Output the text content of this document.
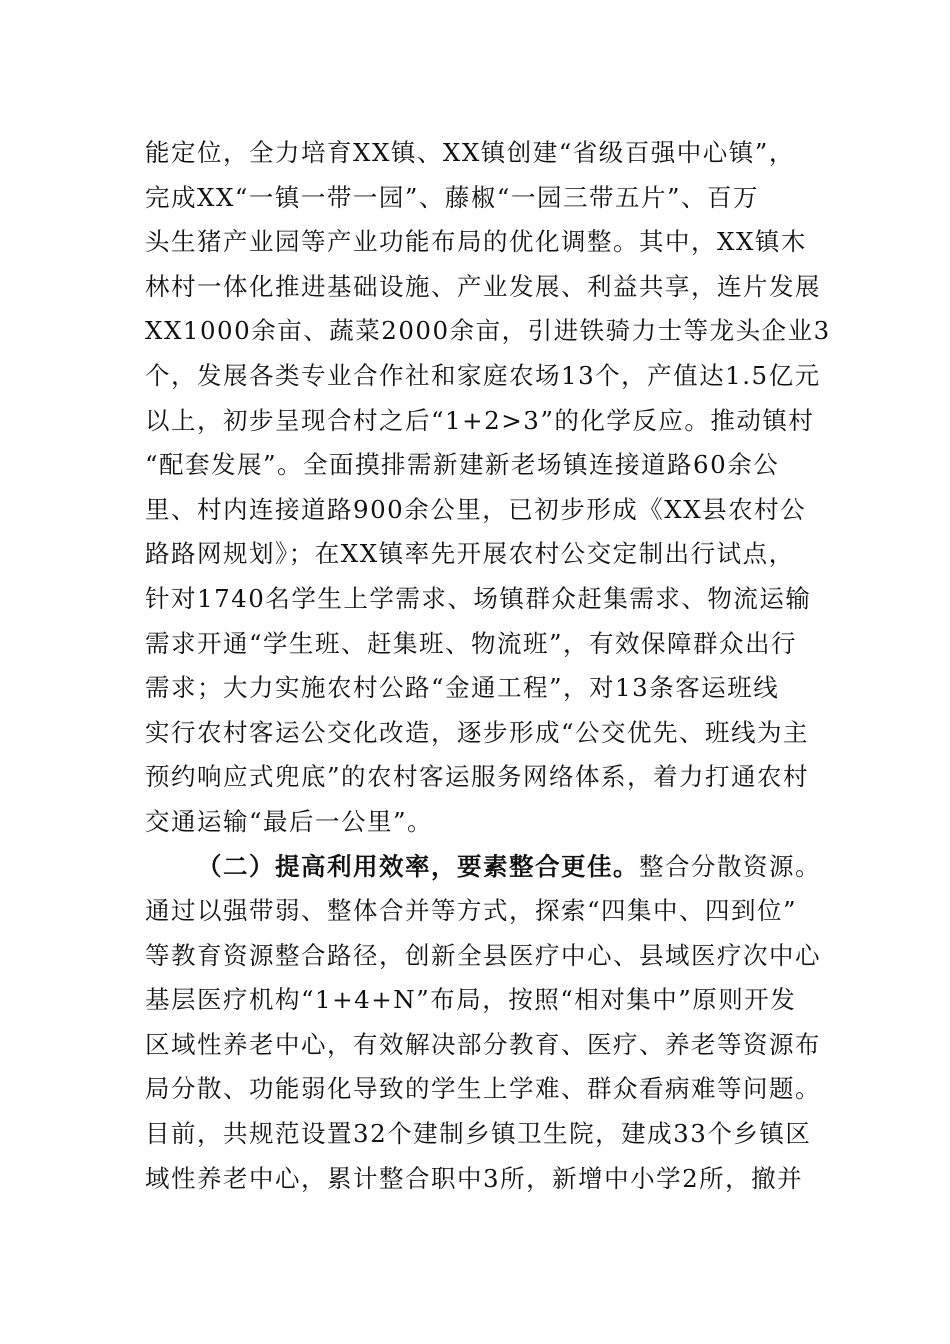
能定位，全力培育XX镇、XX镇创建“省级百强中心镇”，
完成XX“一镇一带一园”、藤椒“一园三带五片”、百万
头生猪产业园等产业功能布局的优化调整。其中，XX镇木
林村一体化推进基础设施、产业发展、利益共享，连片发展
XX1000余亩、蔬菜2000余亩，引进铁骑力士等龙头企业3
个，发展各类专业合作社和家庭农场13个，产值达1.5亿元
以上，初步呈现合村之后“1+2>3”的化学反应。推动镇村
“配套发展”。全面摸排需新建新老场镇连接道路60余公
里、村内连接道路900余公里，已初步形成《XX县农村公
路路网规划》；在XX镇率先开展农村公交定制出行试点，
针对1740名学生上学需求、场镇群众赶集需求、物流运输
需求开通“学生班、赶集班、物流班”，有效保障群众出行
需求；大力实施农村公路“金通工程”，对13条客运班线
实行农村客运公交化改造，逐步形成“公交优先、班线为主
预约响应式兜底”的农村客运服务网络体系，着力打通农村
交通运输“最后一公里”。
（二）提高利用效率，要素整合更佳。整合分散资源。
通过以强带弱、整体合并等方式，探索“四集中、四到位”
等教育资源整合路径，创新全县医疗中心、县域医疗次中心
基层医疗机构“1+4+N”布局，按照“相对集中”原则开发
区域性养老中心，有效解决部分教育、医疗、养老等资源布
局分散、功能弱化导致的学生上学难、群众看病难等问题。
目前，共规范设置32个建制乡镇卫生院，建成33个乡镇区
域性养老中心，累计整合职中3所，新增中小学2所，撤并
